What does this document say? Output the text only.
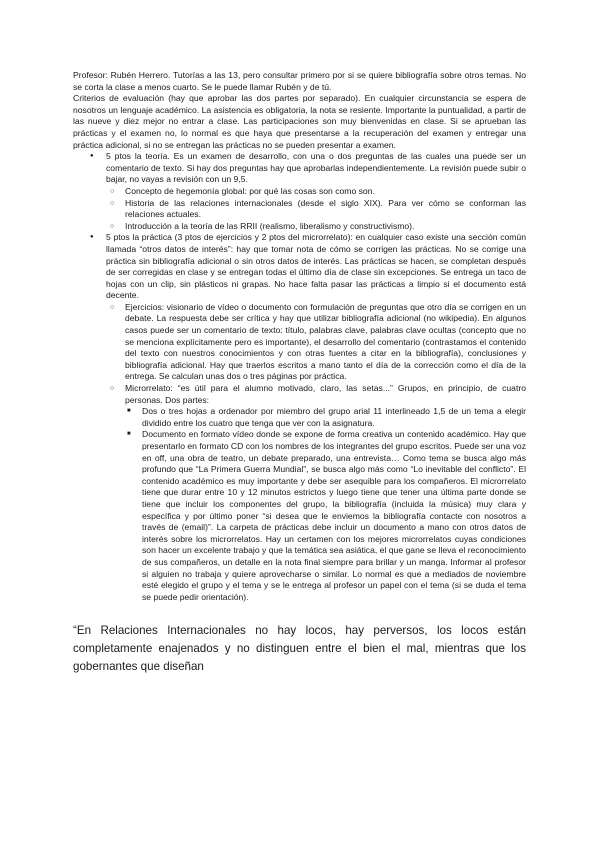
Profesor: Rubén Herrero. Tutorías a las 13, pero consultar primero por si se quiere bibliografía sobre otros temas. No se corta la clase a menos cuarto. Se le puede llamar Rubén y de tú.

Criterios de evaluación (hay que aprobar las dos partes por separado). En cualquier circunstancia se espera de nosotros un lenguaje académico. La asistencia es obligatoria, la nota se resiente. Importante la puntualidad, a partir de las nueve y diez mejor no entrar a clase. Las participaciones son muy bienvenidas en clase. Si se aprueban las prácticas y el examen no, lo normal es que haya que presentarse a la recuperación del examen y entregar una práctica adicional, si no se entregan las prácticas no se pueden presentar a examen.

● 5 ptos la teoría. Es un examen de desarrollo, con una o dos preguntas de las cuales una puede ser un comentario de texto. Si hay dos preguntas hay que aprobarlas independientemente. La revisión puede subir o bajar, no vayas a revisión con un 9,5.
○ Concepto de hegemonía global: por qué las cosas son como son.
○ Historia de las relaciones internacionales (desde el siglo XIX). Para ver cómo se conforman las relaciones actuales.
○ Introducción a la teoría de las RRII (realismo, liberalismo y constructivismo).
● 5 ptos la práctica (3 ptos de ejercicios y 2 ptos del microrrelato): en cualquier caso existe una sección común llamada “otros datos de interés”: hay que tomar nota de cómo se corrigen las prácticas. No se corrige una práctica sin bibliografía adicional o sin otros datos de interés. Las prácticas se hacen, se completan después de ser corregidas en clase y se entregan todas el último día de clase sin excepciones. Se entrega un taco de hojas con un clip, sin plásticos ni grapas. No hace falta pasar las prácticas a limpio si el documento está decente.
○ Ejercicios: visionario de vídeo o documento con formulación de preguntas que otro día se corrigen en un debate. La respuesta debe ser crítica y hay que utilizar bibliografía adicional (no wikipedia). En algunos casos puede ser un comentario de texto: título, palabras clave, palabras clave ocultas (concepto que no se menciona explícitamente pero es importante), el desarrollo del comentario (contrastamos el contenido del texto con nuestros conocimientos y con otras fuentes a citar en la bibliografía), conclusiones y bibliografía adicional. Hay que traerlos escritos a mano tanto el día de la corrección como el día de la entrega. Se calculan unas dos o tres páginas por práctica.
○ Microrrelato: “es útil para el alumno motivado, claro, las setas...” Grupos, en principio, de cuatro personas. Dos partes:
■ Dos o tres hojas a ordenador por miembro del grupo arial 11 interlineado 1,5 de un tema a elegir dividido entre los cuatro que tenga que ver con la asignatura.
■ Documento en formato vídeo donde se expone de forma creativa un contenido académico. Hay que presentarlo en formato CD con los nombres de los integrantes del grupo escritos. Puede ser una voz en off, una obra de teatro, un debate preparado, una entrevista… Como tema se busca algo más profundo que “La Primera Guerra Mundial”, se busca algo más como “Lo inevitable del conflicto”. El contenido académico es muy importante y debe ser asequible para los compañeros. El microrrelato tiene que durar entre 10 y 12 minutos estrictos y luego tiene que tener una última parte donde se tiene que incluir los componentes del grupo, la bibliografía (incluida la música) muy clara y específica y por último poner “si desea que le enviemos la bibliografía contacte con nosotros a través de (email)”. La carpeta de prácticas debe incluir un documento a mano con otros datos de interés sobre los microrrelatos. Hay un certamen con los mejores microrrelatos cuyas condiciones son hacer un excelente trabajo y que la temática sea asiática, el que gane se lleva el reconocimiento de sus compañeros, un detalle en la nota final siempre para brillar y un manga. Informar al profesor si alguien no trabaja y quiere aprovecharse o similar. Lo normal es que a mediados de noviembre esté elegido el grupo y el tema y se le entrega al profesor un papel con el tema (si se duda el tema se puede pedir orientación).

“En Relaciones Internacionales no hay locos, hay perversos, los locos están completamente enajenados y no distinguen entre el bien el mal, mientras que los gobernantes que diseñan
